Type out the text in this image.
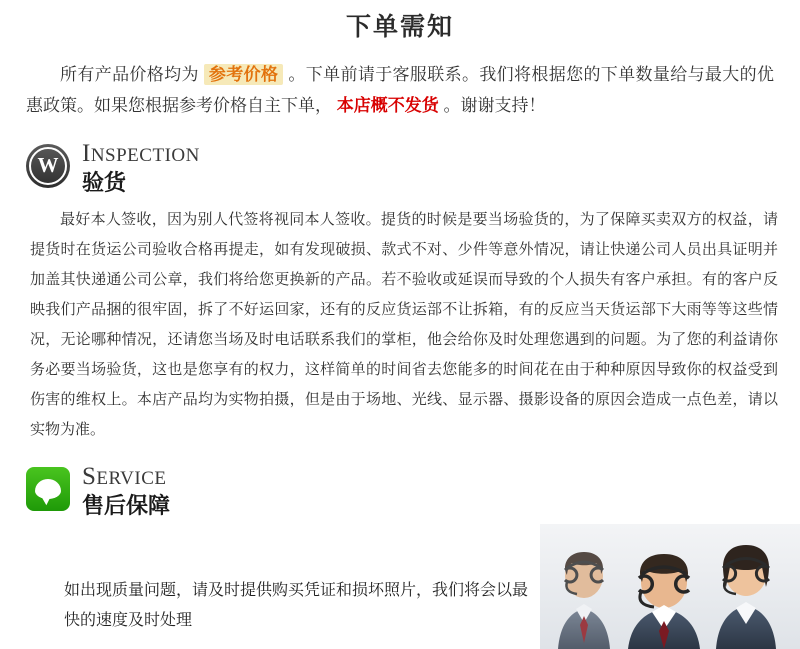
下单需知

所有产品价格均为 参考价格 。下单前请于客服联系。我们将根据您的下单数量给与最大的优惠政策。如果您根据参考价格自主下单， 本店概不发货 。谢谢支持！

W INSPECTION
验货

最好本人签收，因为别人代签将视同本人签收。提货的时候是要当场验货的，为了保障买卖双方的权益，请提货时在货运公司验收合格再提走，如有发现破损、款式不对、少件等意外情况，请让快递公司人员出具证明并加盖其快递通公司公章，我们将给您更换新的产品。若不验收或延误而导致的个人损失有客户承担。有的客户反映我们产品捆的很牢固，拆了不好运回家，还有的反应货运部不让拆箱，有的反应当天货运部下大雨等等这些情况，无论哪种情况，还请您当场及时电话联系我们的掌柜，他会给你及时处理您遇到的问题。为了您的利益请你务必要当场验货，这也是您享有的权力，这样简单的时间省去您能多的时间花在由于种种原因导致你的权益受到伤害的维权上。本店产品均为实物拍摄，但是由于场地、光线、显示器、摄影设备的原因会造成一点色差，请以实物为准。

SERVICE
售后保障
如出现质量问题，请及时提供购买凭证和损坏照片，我们将会以最快的速度及时处理
